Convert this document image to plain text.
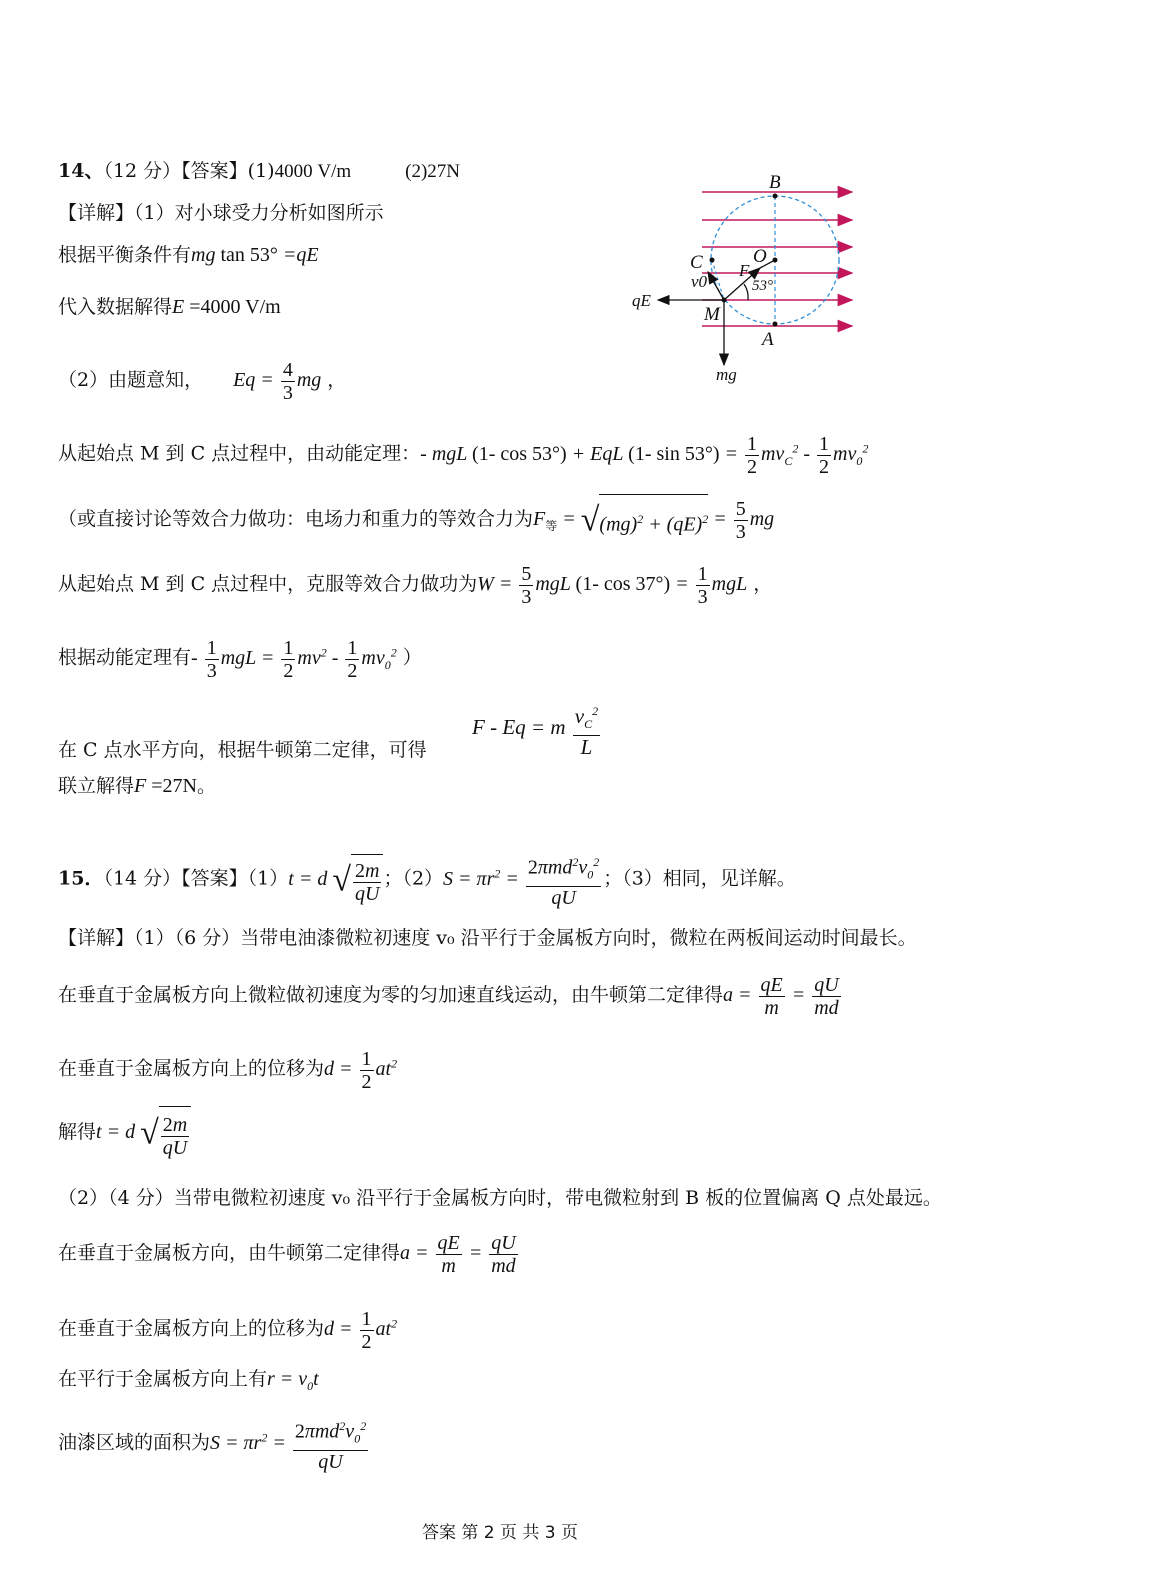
14、（12 分）【答案】(1)4000 V/m	(2)27N
【详解】（1）对小球受力分析如图所示
根据平衡条件有mg tan 53° =qE
代入数据解得E =4000 V/m
（2）由题意知， $Eq = \frac{4}{3}$ mg ，
从起始点 M 到 C 点过程中，由动能定理：- mgL (1- cos 53°) + EqL (1- $\sin 53^\circ) = \frac{1}{2} mv_C^2 - \frac{1}{2} mv_0^2$
（或直接讨论等效合力做功：电场力和重力的等效合力为$F_等 = √(mg)^2 + (qE)^2 = \frac{5}{3}$ mg
从起始点 M 到 C 点过程中，克服等效合力做功为$W = \frac{5}{3}$ mgL (1- $\cos 37^\circ) = \frac{1}{3}$ mgL ，
根据动能定理有- $\frac{1}{3}$ mgL = $\frac{1}{2} mv^2 - \frac{1}{2} mv_0^2$ ）
F - Eq = m $\frac{v_C^2}{L}$
在 C 点水平方向，根据牛顿第二定律，可得
联立解得F =27N。
B
C	O
F
v0	53°
qE
M
A
mg
15．（14 分）【答案】（1）t = d √ $\frac{2m}{qU}$ ；$(2)S = \pi r^2 = \frac{2\pi md^2v_0^2}{qU}$ ；（3）相同，见详解。
【详解】（1）（6 分）当带电油漆微粒初速度 v₀ 沿平行于金属板方向时，微粒在两板间运动时间最长。
在垂直于金属板方向上微粒做初速度为零的匀加速直线运动，由牛顿第二定律得$a = \frac{qE}{m} = \frac{qU}{md}$
在垂直于金属板方向上的位移为$d = \frac{1}{2} at^2$
解得t = d √ $\frac{2m}{qU}$
（2）（4 分）当带电微粒初速度 v₀ 沿平行于金属板方向时，带电微粒射到 B 板的位置偏离 Q 点处最远。
在垂直于金属板方向，由牛顿第二定律得$a = \frac{qE}{m} = \frac{qU}{md}$
在垂直于金属板方向上的位移为$d = \frac{1}{2} at^2$
在平行于金属板方向上有$r = v_0t$
油漆区域的面积为$S = \pi r^2 = \frac{2\pi md^2v_0^2}{qU}$
答案 第 2 页 共 3 页
